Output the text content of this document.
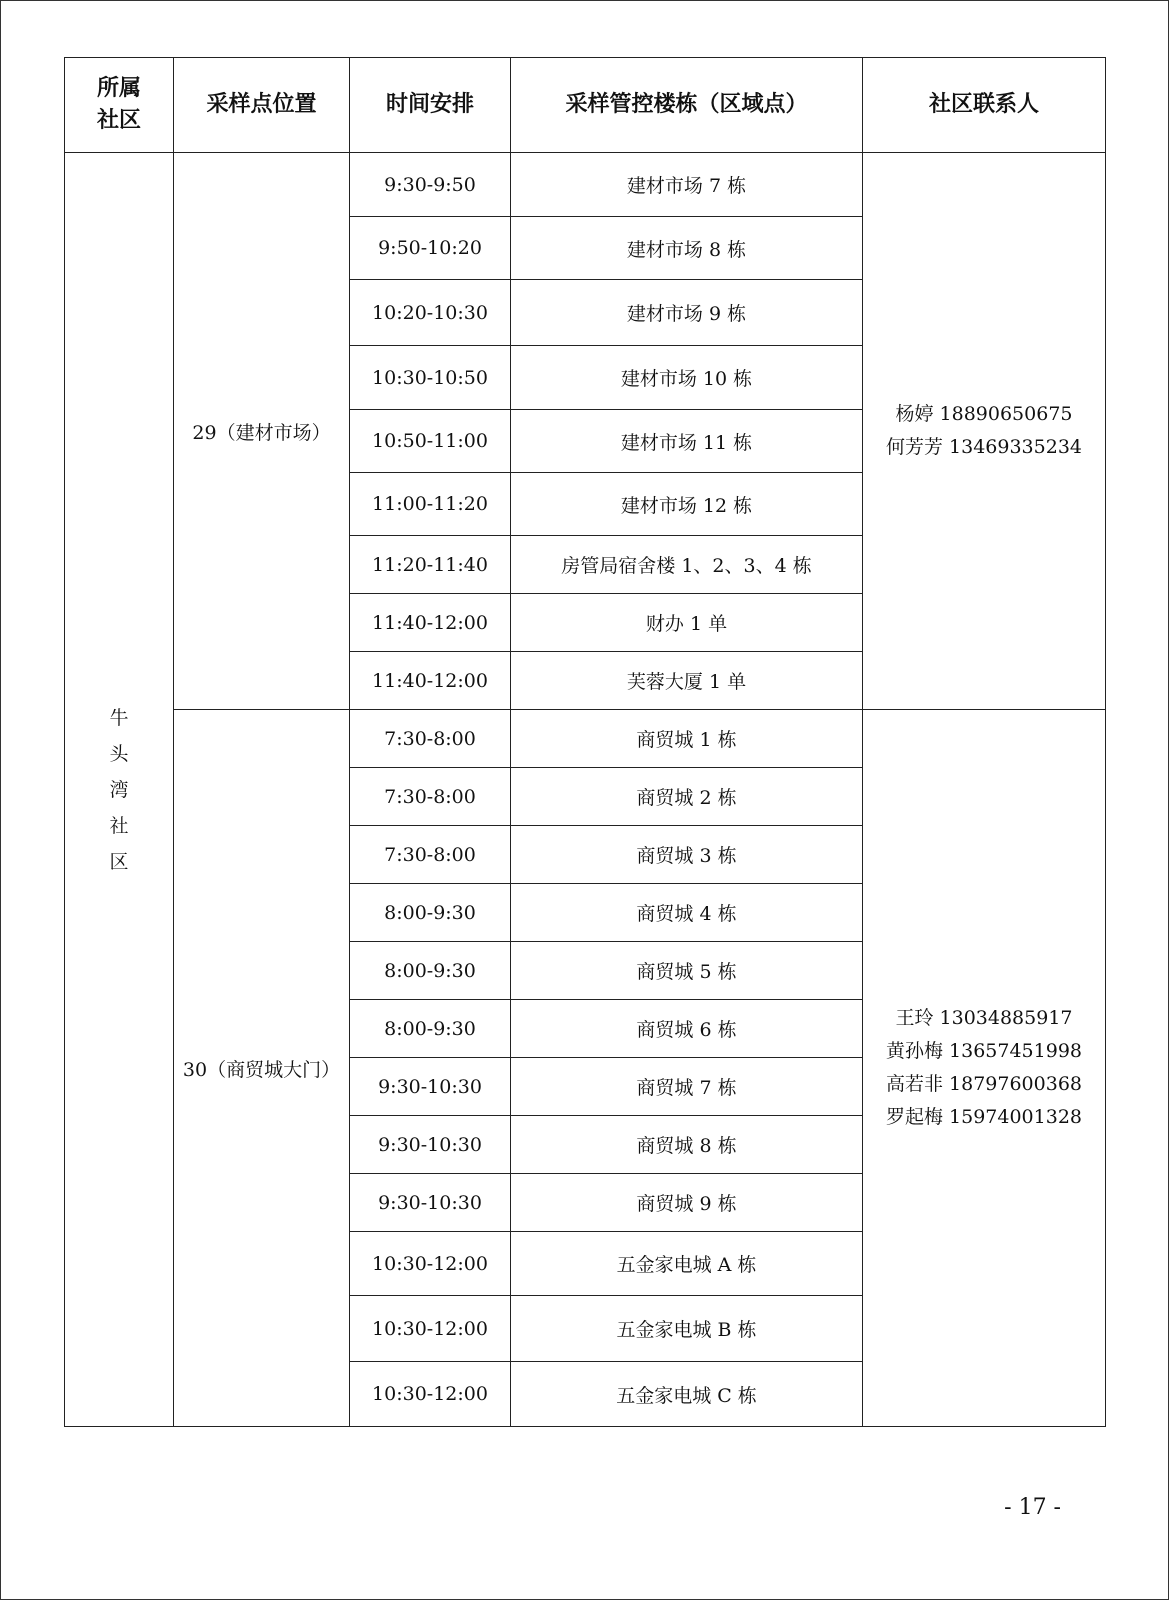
所属
社区	采样点位置	时间安排	采样管控楼栋（区域点）	社区联系人
牛头湾社区	29（建材市场）	9:30-9:50	建材市场 7 栋	杨婷 18890650675
何芳芳 13469335234

		9:50-10:20	建材市场 8 栋	
		10:20-10:30	建材市场 9 栋	
		10:30-10:50	建材市场 10 栋	
		10:50-11:00	建材市场 11 栋	
		11:00-11:20	建材市场 12 栋	
		11:20-11:40	房管局宿舍楼 1、2、3、4 栋	
		11:40-12:00	财办 1 单	
		11:40-12:00	芙蓉大厦 1 单	
	30（商贸城大门）	7:30-8:00	商贸城 1 栋	王玲 13034885917
黄孙梅 13657451998
高若非 18797600368
罗起梅 15974001328

		7:30-8:00	商贸城 2 栋	
		7:30-8:00	商贸城 3 栋	
		8:00-9:30	商贸城 4 栋	
		8:00-9:30	商贸城 5 栋	
		8:00-9:30	商贸城 6 栋	
		9:30-10:30	商贸城 7 栋	
		9:30-10:30	商贸城 8 栋	
		9:30-10:30	商贸城 9 栋	
		10:30-12:00	五金家电城 A 栋	
		10:30-12:00	五金家电城 B 栋	
		10:30-12:00	五金家电城 C 栋	
- 17 -
